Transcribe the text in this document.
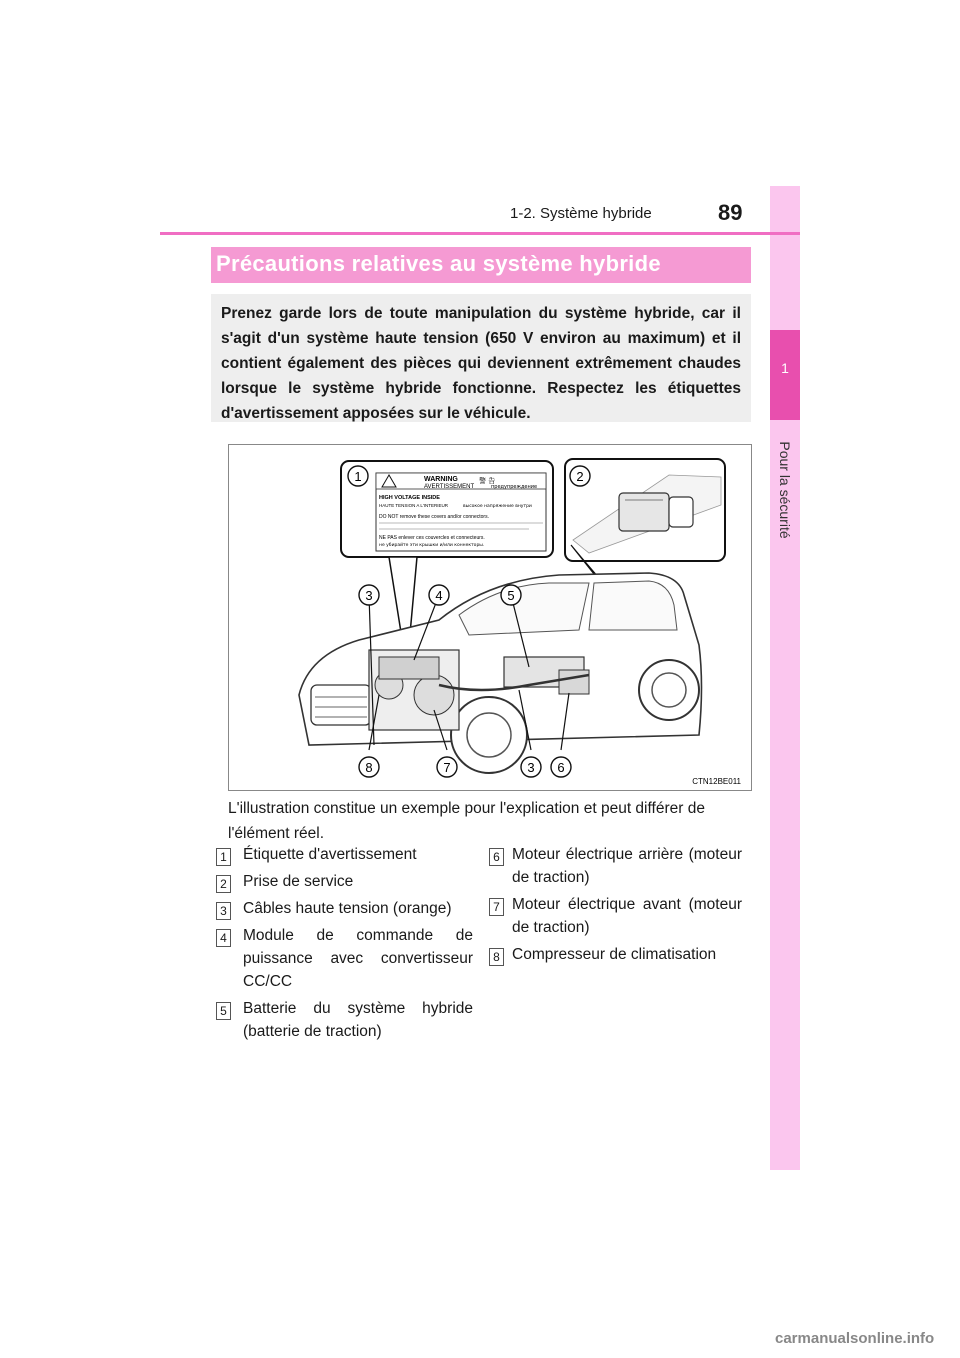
1
Pour la sécurité
1-2. Système hybride	89
Précautions relatives au système hybride
Prenez garde lors de toute manipulation du système hybride, car il s'agit d'un système haute tension (650 V environ au maximum) et il contient également des pièces qui deviennent extrêmement chaudes lorsque le système hybride fonctionne. Respectez les étiquettes d'avertissement apposées sur le véhicule.
WARNING
AVERTISSEMENT
警 告
предупреждение
HIGH VOLTAGE INSIDE
HAUTE TENSION A L'INTERIEUR	высокое напряжение внутри
DO NOT remove these covers and/or connectors.
NE PAS enlever ces couvercles et connecteurs.
не убирайте эти крышки и/или коннекторы.
1	2
3	4	5
8	7	3 6
CTN12BE011
L'illustration constitue un exemple pour l'explication et peut différer de l'élément réel.
1 Étiquette d'avertissement
2 Prise de service
3 Câbles haute tension (orange)
4 Module de commande de puissance avec convertisseur CC/CC
5 Batterie du système hybride (batterie de traction)
6 Moteur électrique arrière (moteur de traction)
7 Moteur électrique avant (moteur de traction)
8 Compresseur de climatisation
carmanualsonline.info
